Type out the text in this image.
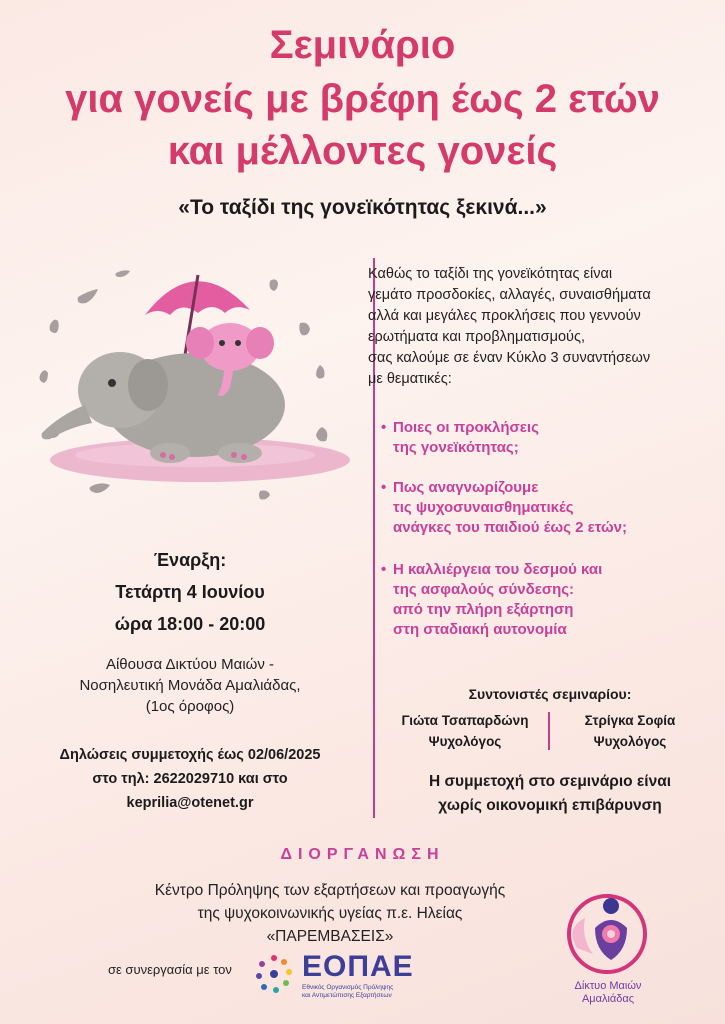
Σεμινάριο
για γονείς με βρέφη έως 2 ετών
και μέλλοντες γονείς
«Το ταξίδι της γονεϊκότητας ξεκινά...»
Καθώς το ταξίδι της γονεϊκότητας είναι
γεμάτο προσδοκίες, αλλαγές, συναισθήματα
αλλά και μεγάλες προκλήσεις που γεννούν
ερωτήματα και προβληματισμούς,
σας καλούμε σε έναν Κύκλο 3 συναντήσεων
με θεματικές:
• Ποιες οι προκλήσεις
της γονεϊκότητας;
• Πως αναγνωρίζουμε
τις ψυχοσυναισθηματικές
ανάγκες του παιδιού έως 2 ετών;
• Η καλλιέργεια του δεσμού και
της ασφαλούς σύνδεσης:
από την πλήρη εξάρτηση
στη σταδιακή αυτονομία
Έναρξη:
Τετάρτη 4 Ιουνίου
ώρα 18:00 - 20:00
Αίθουσα Δικτύου Μαιών -
Νοσηλευτική Μονάδα Αμαλιάδας,
(1ος όροφος)
Δηλώσεις συμμετοχής έως 02/06/2025
στο τηλ: 2622029710 και στο
keprilia@otenet.gr
Συντονιστές σεμιναρίου:
Γιώτα Τσαπαρδώνη
Ψυχολόγος
Στρίγκα Σοφία
Ψυχολόγος
Η συμμετοχή στο σεμινάριο είναι
χωρίς οικονομική επιβάρυνση
ΔΙΟΡΓΑΝΩΣΗ
Κέντρο Πρόληψης των εξαρτήσεων και προαγωγής
της ψυχοκοινωνικής υγείας π.ε. Ηλείας
«ΠΑΡΕΜΒΑΣΕΙΣ»
σε συνεργασία με τον ΕΟΠΑΕ
Εθνικός Οργανισμός Πρόληψης
και Αντιμετώπισης Εξαρτήσεων
Δίκτυο Μαιών
Αμαλιάδας
